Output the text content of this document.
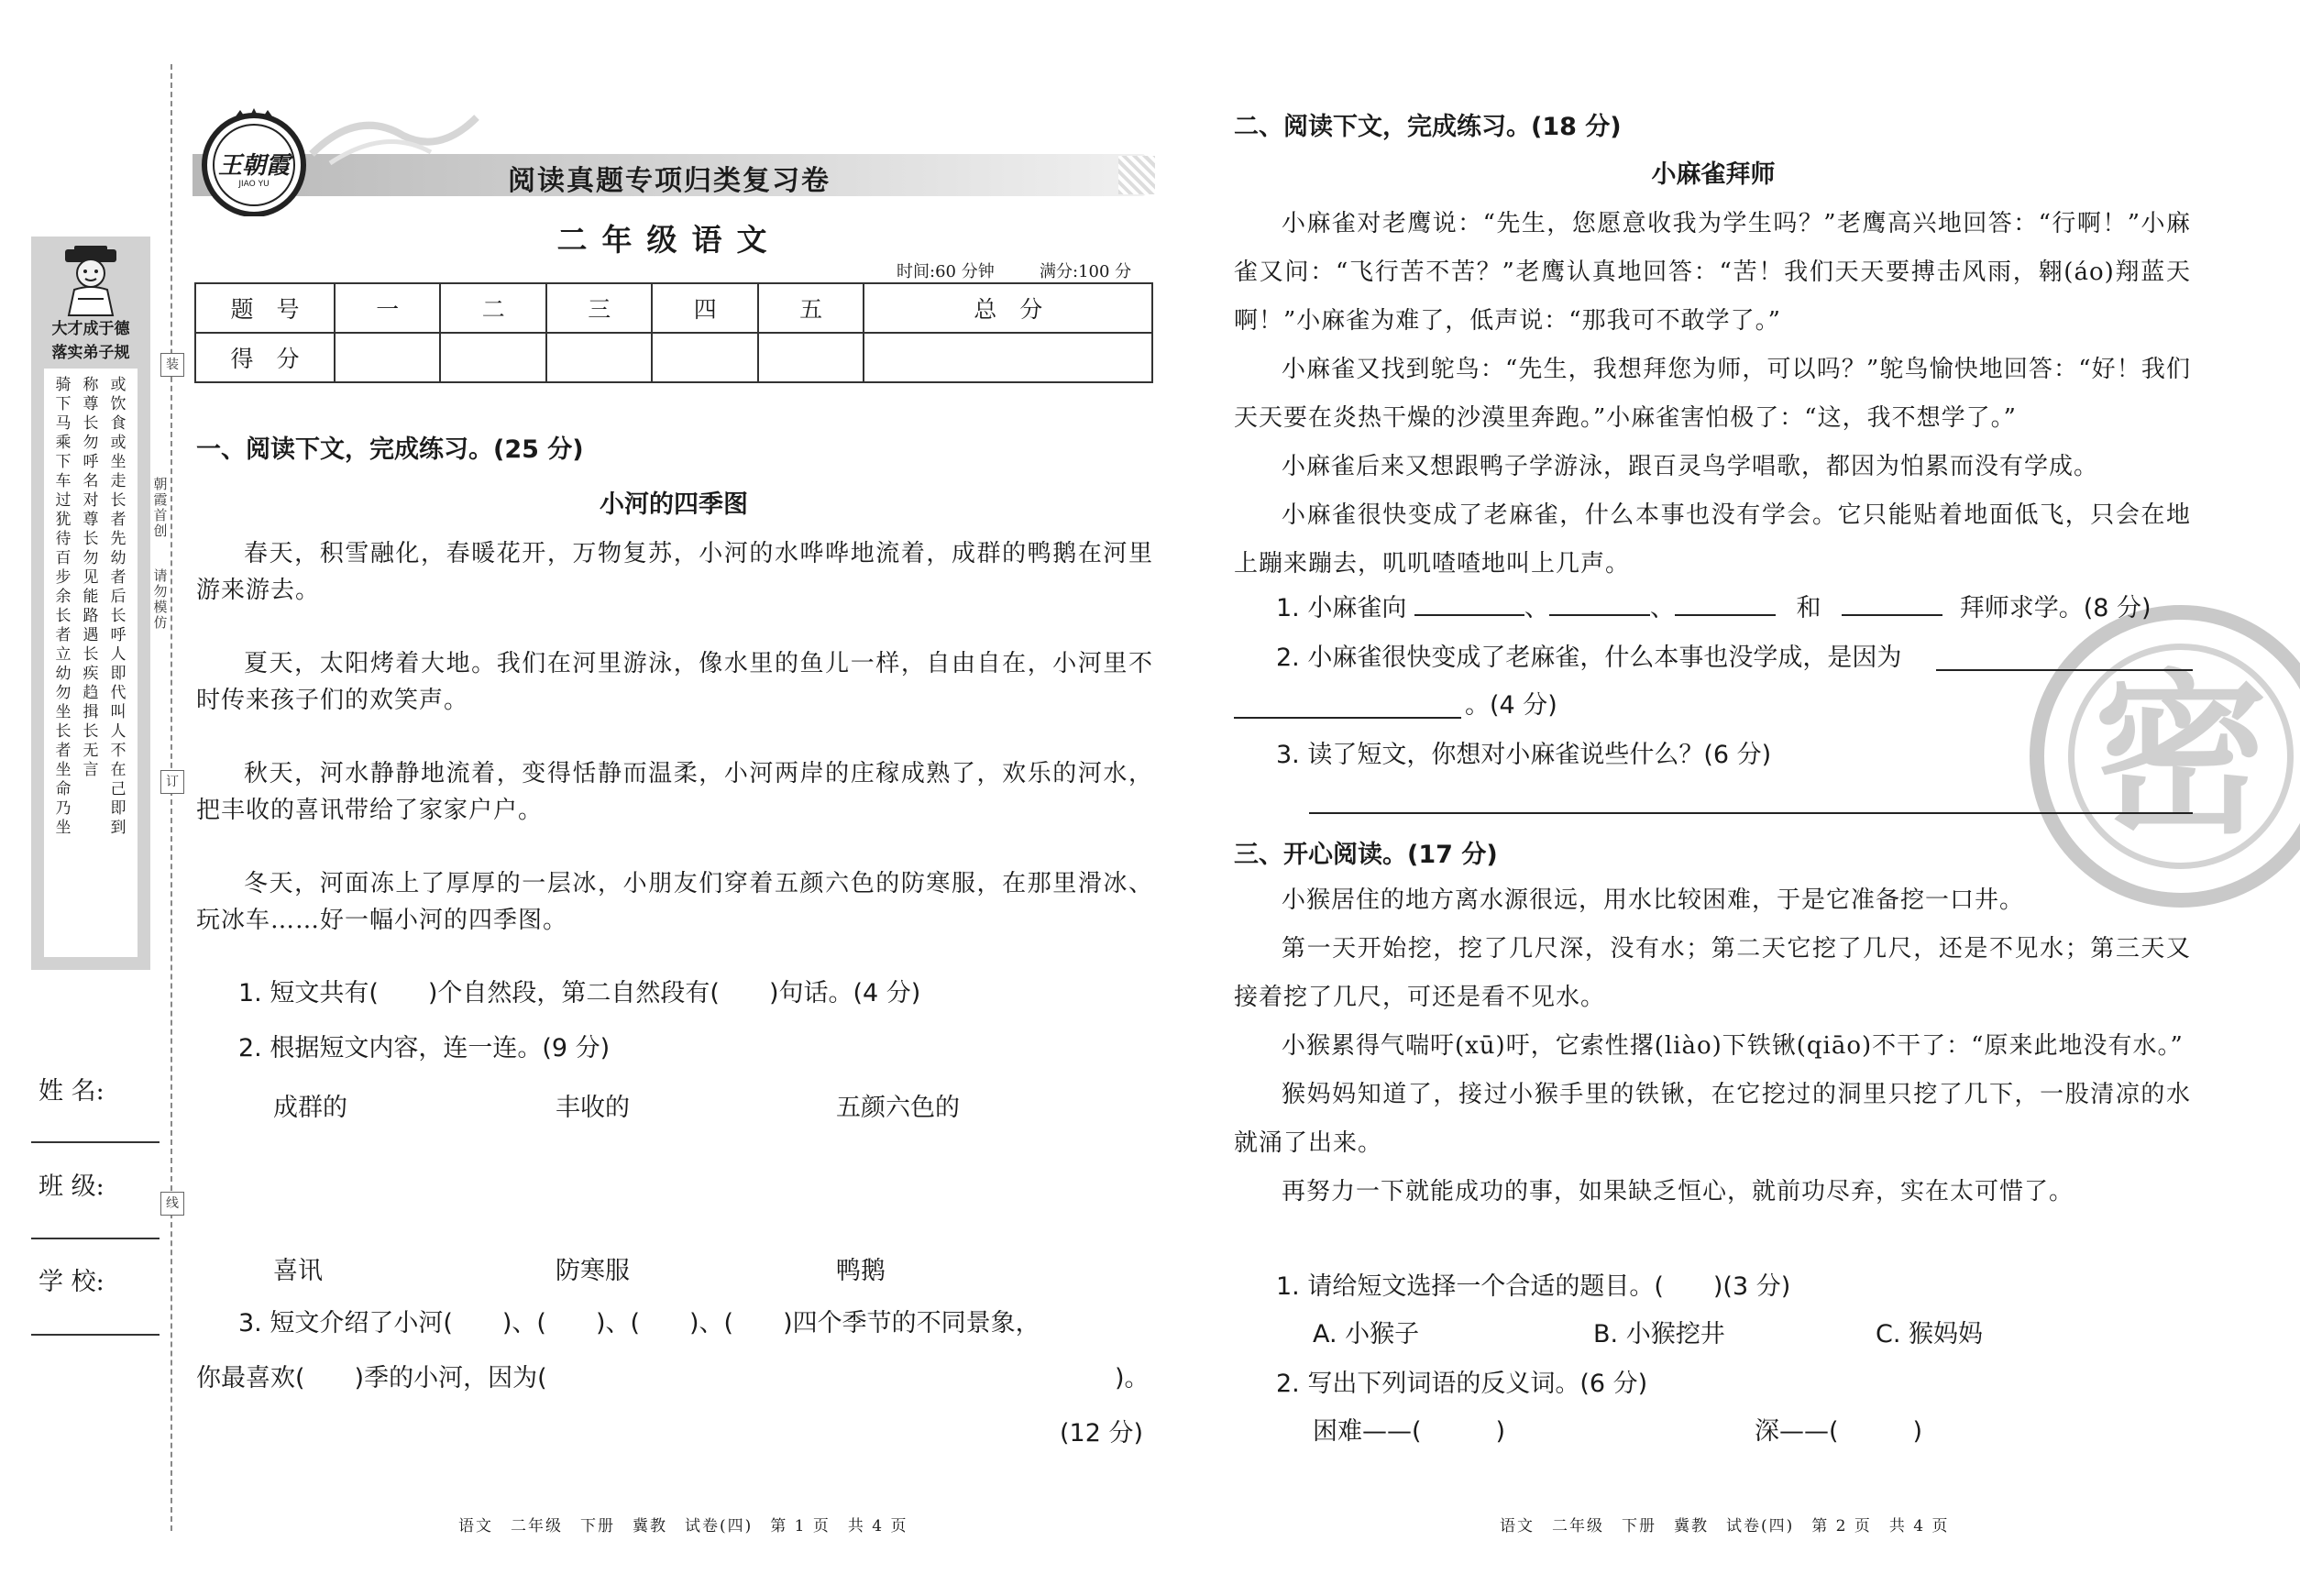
大才成于德
落实弟子规
骑下马乘下车过犹待百步余长者立幼勿坐长者坐命乃坐
称尊长勿呼名对尊长勿见能路遇长疾趋揖长无言
或饮食或坐走长者先幼者后长呼人即代叫人不在己即到
朝霞首创
请勿模仿
装
订
线
姓 名:
班 级:
学 校:
王朝霞
JIAO YU	阅读真题专项归类复习卷
二年级语文
时间:60 分钟	满分:100 分
题　号	一	二	三	四	五	总　分
得　分						
一、阅读下文，完成练习。(25 分)
小河的四季图

春天，积雪融化，春暖花开，万物复苏，小河的水哗哗地流着，成群的鸭鹅在河里游来游去。

夏天，太阳烤着大地。我们在河里游泳，像水里的鱼儿一样，自由自在，小河里不时传来孩子们的欢笑声。

秋天，河水静静地流着，变得恬静而温柔，小河两岸的庄稼成熟了，欢乐的河水，把丰收的喜讯带给了家家户户。

冬天，河面冻上了厚厚的一层冰，小朋友们穿着五颜六色的防寒服，在那里滑冰、玩冰车……好一幅小河的四季图。

1. 短文共有(　　)个自然段，第二自然段有(　　)句话。(4 分)
2. 根据短文内容，连一连。(9 分)
成群的	丰收的	五颜六色的
喜讯	防寒服	鸭鹅
3. 短文介绍了小河(　　)、(　　)、(　　)、(　　)四个季节的不同景象，
你最喜欢(　　)季的小河，因为(	)。
(12 分)
语文　二年级　下册　冀教　试卷(四)　第 1 页　共 4 页
密
二、阅读下文，完成练习。(18 分)
小麻雀拜师

小麻雀对老鹰说：“先生，您愿意收我为学生吗？”老鹰高兴地回答：“行啊！”小麻雀又问：“飞行苦不苦？”老鹰认真地回答：“苦！我们天天要搏击风雨，翱(áo)翔蓝天啊！”小麻雀为难了，低声说：“那我可不敢学了。”

小麻雀又找到鸵鸟：“先生，我想拜您为师，可以吗？”鸵鸟愉快地回答：“好！我们天天要在炎热干燥的沙漠里奔跑。”小麻雀害怕极了：“这，我不想学了。”

小麻雀后来又想跟鸭子学游泳，跟百灵鸟学唱歌，都因为怕累而没有学成。

小麻雀很快变成了老麻雀，什么本事也没有学会。它只能贴着地面低飞，只会在地上蹦来蹦去，叽叽喳喳地叫上几声。

1. 小麻雀向	、	、	和	拜师求学。(8 分)
2. 小麻雀很快变成了老麻雀，什么本事也没学成，是因为
。(4 分)
3. 读了短文，你想对小麻雀说些什么？(6 分)
三、开心阅读。(17 分)

小猴居住的地方离水源很远，用水比较困难，于是它准备挖一口井。

第一天开始挖，挖了几尺深，没有水；第二天它挖了几尺，还是不见水；第三天又接着挖了几尺，可还是看不见水。

小猴累得气喘吁(xū)吁，它索性撂(liào)下铁锹(qiāo)不干了：“原来此地没有水。”

猴妈妈知道了，接过小猴手里的铁锹，在它挖过的洞里只挖了几下，一股清凉的水就涌了出来。

再努力一下就能成功的事，如果缺乏恒心，就前功尽弃，实在太可惜了。

1. 请给短文选择一个合适的题目。(　　)(3 分)
A. 小猴子	B. 小猴挖井	C. 猴妈妈
2. 写出下列词语的反义词。(6 分)
困难——(　　　)	深——(　　　)
语文　二年级　下册　冀教　试卷(四)　第 2 页　共 4 页
